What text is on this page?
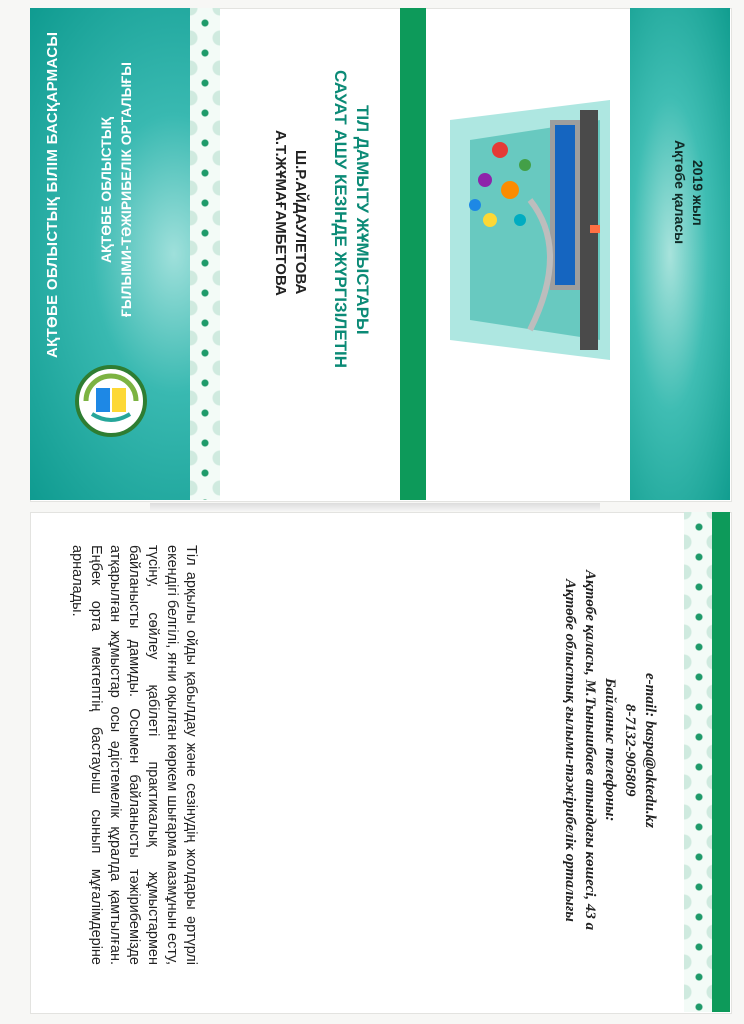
АҚТӨБЕ ОБЛЫСТЫҚ БІЛІМ БАСҚАРМАСЫ	АҚТӨБЕ ОБЛЫСТЫҚ ҒЫЛЫМИ-ТӘЖІРИБЕЛІК ОРТАЛЫҒЫ	А.Т.ЖҰМАҒАМБЕТОВА Ш.Р.АЙДАУЛЕТОВА САУАТ АШУ КЕЗІНДЕ ЖҮРГІЗІЛЕТІН ТІЛ ДАМЫТУ ЖҰМЫСТАРЫ	Ақтөбе қаласы 2019 жыл
Тіл арқылы ойды қабылдау және сезінудің жолдары әртүрлі екендігі белгілі, яғни оқылған көркем шығарма мазмұнын есту, түсіну, сөйлеу қабілеті практикалық жұмыстармен байланысты дамиды. Осымен байланысты тәжірибемізде атқарылған жұмыстар осы әдістемелік құралда қамтылған. Еңбек орта мектептің бастауыш сынып мұғалімдеріне арналады.	Ақтөбе облыстық ғылыми-тәжірибелік орталығы Ақтөбе қаласы, М.Тынышбаев атындағы көшесі, 43 а Байланыс телефоны: 8-7132-905809 e-mail: baspa@aktedu.kz
